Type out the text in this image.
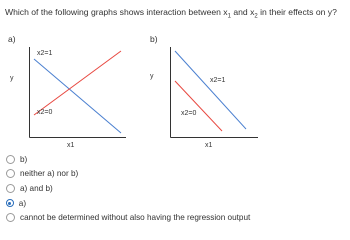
Which of the following graphs shows interaction between $x_1$ and $x_2$ in their effects on y?
a)
x2=1
x2=0
y
x1
b)
x2=1
x2=0
y
x1
b)
neither a) nor b)
a) and b)
a)
cannot be determined without also having the regression output
